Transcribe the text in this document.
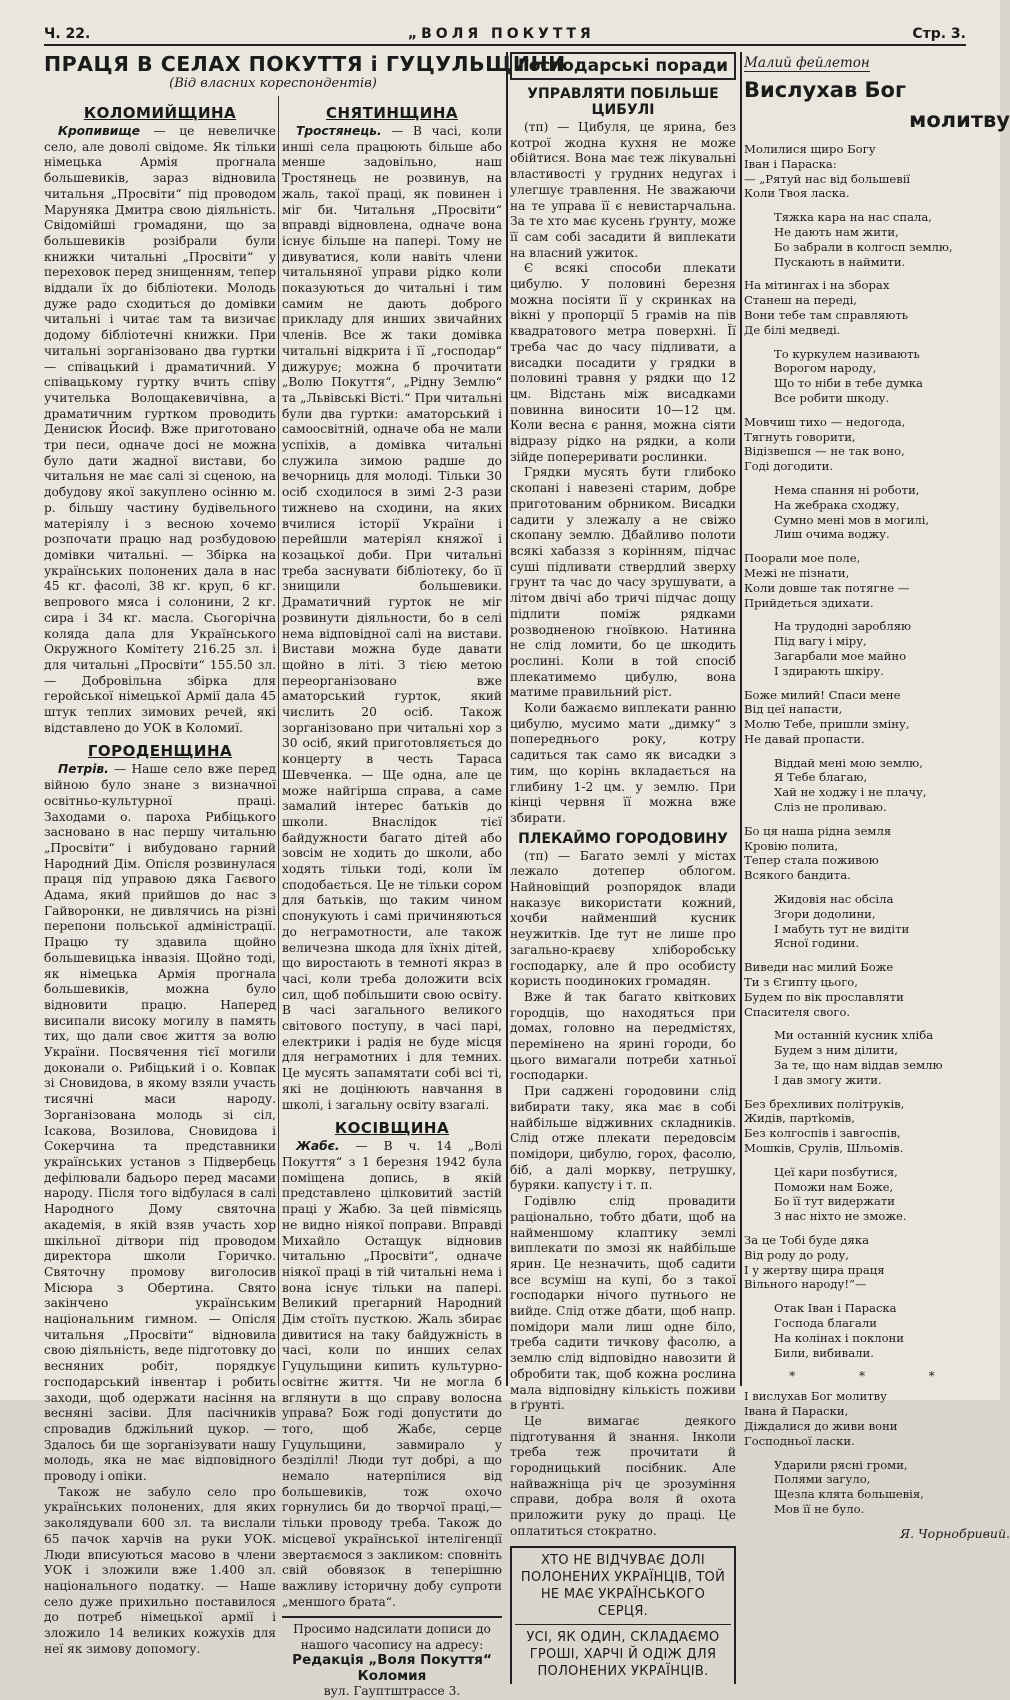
Ч. 22.	„ВОЛЯ ПОКУТТЯ	Стр. 3.
ПРАЦЯ В СЕЛАХ ПОКУТТЯ і ГУЦУЛЬЩИНИ
(Від власних кореспондентів)
КОЛОМИЙЩИНА

Кропивище — це невеличке село, але доволі свідоме. Як тільки німецька Армія прогнала большевиків, зараз відновила читальня „Просвіти“ під проводом Маруняка Дмитра свою діяльність. Свідомійші громадяни, що за большевиків розібрали були книжки читальні „Просвіти“ у переховок перед знищенням, тепер віддали їх до бібліотеки. Молодь дуже радо сходиться до домівки читальні і читає там та визичає додому бібліотечні книжки. При читальні зорганізовано два гуртки— співацький і драматичний. У співацькому гуртку вчить співу учителька Волощакевичівна, а драматичним гуртком проводить Денисюк Йосиф. Вже приготовано три песи, одначе досі не можна було дати жадної вистави, бо читальня не має салі зі сценою, на добудову якої закуплено осінню м. р. більшу частину будівельного матеріялу і з весною хочемо розпочати працю над розбудовою домівки читальні. — Збірка на українських полонених дала в нас 45 кг. фасолі, 38 кг. круп, 6 кг. вепрового мяса і солонини, 2 кг. сира і 34 кг. масла. Сьогорічна коляда дала для Українського Окружного Комітету 216.25 зл. і для читальні „Просвіти“ 155.50 зл. — Добровільна збірка для геройської німецької Армії дала 45 штук теплих зимових речей, які відставлено до УОК в Коломиї.

ГОРОДЕНЩИНА

Петрів. — Наше село вже перед війною було знане з визначної освітньо-культурної праці. Заходами о. пароха Рибіцького засновано в нас першу читальню „Просвіти“ і вибудовано гарний Народний Дім. Опісля розвинулася праця під управою дяка Гаєвого Адама, який прийшов до нас з Гайворонки, не дивлячись на різні перепони польської адміністрації. Працю ту здавила щойно большевицька інвазія. Щойно тоді, як німецька Армія прогнала большевиків, можна було відновити працю. Наперед висипали високу могилу в память тих, що дали своє життя за волю України. Посвячення тієї могили доконали о. Рибіцький і о. Ковпак зі Сновидова, в якому взяли участь тисячні маси народу. Зорганізована молодь зі сіл, Ісакова, Возилова, Сновидова і Сокерчина та представники українських установ з Підвербець дефілювали бадьоро перед масами народу. Після того відбулася в салі Народного Дому святочна академія, в якій взяв участь хор шкільної дітвори під проводом директора школи Горичко. Святочну промову виголосив Місюра з Обертина. Свято закінчено українським національним гимном. — Опісля читальня „Просвіти“ відновила свою діяльність, веде підготовку до весняних робіт, порядкує господарський інвентар і робить заходи, щоб одержати насіння на весняні засіви. Для пасічників спровадив бджільний цукор. — Здалось би ще зорганізувати нашу молодь, яка не має відповідного проводу і опіки.

Також не забуло село про українських полонених, для яких зaколядували 600 зл. та вислали 65 пачок харчів на руки УОК. Люди вписуються масово в члени УОК і зложили вже 1.400 зл. національного податку. — Наше село дуже прихильно поставилося до потреб німецької армії і зложило 14 великих кожухів для неї як зимову допомогу.

СНЯТИНЩИНА

Тростянець. — В часі, коли инші села працюють більше або менше задовільно, наш Тростянець не розвинув, на жаль, такої праці, як повинен і міг би. Читальня „Просвіти“ вправді відновлена, одначе вона існує більше на папері. Тому не дивуватися, коли навіть члени читальняної управи рідко коли показуються до читальні і тим самим не дають доброго прикладу для инших звичайних членів. Все ж таки домівка читальні відкрита і її „господар“ дижурує; можна б прочитати „Волю Покуття“, „Рідну Землю“ та „Львівські Вісті.“ При читальні були два гуртки: аматорський і самоосвітній, одначе оба не мали успіхів, а домівка читальні служила зимою радше до вечорниць для молоді. Тільки 30 осіб сходилося в зимі 2-3 рази тижнево на сходини, на яких вчилися історії України і перейшли матеріял княжої і козацької доби. При читальні треба заснувати бібліотеку, бо її знищили большевики. Драматичний гурток не міг розвинути діяльности, бо в селі нема відповідної салі на вистави. Вистави можна буде давати щойно в літі. З тією метою переорганізовано вже аматорський гурток, який числить 20 осіб. Також зорганізовано при читальні хор з 30 осіб, який приготовляється до концерту в честь Тараса Шевченка. — Ще одна, але це може найгірша справа, а саме замалий інтерес батьків до школи. Внаслідок тієї байдужности багато дітей або зовсім не ходить до школи, або ходять тільки тоді, коли їм сподобається. Це не тільки сором для батьків, що таким чином спонукують і самі причиняються до неграмотности, але також величезна шкода для їхніх дітей, що виростають в темноті якраз в часі, коли треба доложити всіх сил, щоб побільшити свою освіту. В часі загального великого світового поступу, в часі парі, електрики і радія не буде місця для неграмотних і для темних. Це мусять запамятати собі всі ті, які не доцінюють навчання в школі, і загальну освіту взагалі.

КОСІВЩИНА

Жабє. — В ч. 14 „Волі Покуття“ з 1 березня 1942 була поміщена допись, в якій представлено цілковитий застій праці у Жабю. За цей півмісяць не видно ніякої поправи. Вправді Михайло Остащук відновив читальню „Просвіти“, одначе ніякої праці в тій читальні нема і вона існує тільки на папері. Великий прегарний Народний Дім стоїть пусткою. Жаль збирає дивитися на таку байдужність в часі, коли по инших селах Гуцульщини кипить культурно-освітнє життя. Чи не могла б вглянути в що справу волосна управа? Бож годі допустити до того, щоб Жабє, серце Гуцульщини, завмирало у безділлі! Люди тут добрі, а що немало натерпілися від большевиків, тож охочо горнулись би до творчої праці,— тільки проводу треба. Також до місцевої української інтелігенції звертаємося з закликом: сповніть свій обовязок в теперішню важливу історичну добу супроти „меншого брата“.

Просимо надсилати дописи до нашого часопису на адресу:
Редакція „Воля Покуття“
Коломия
вул. Гауптштрассе 3.
Господарські поради
УПРАВЛЯТИ ПОБІЛЬШЕ ЦИБУЛІ

(тп) — Цибуля, це ярина, без котрої жодна кухня не може обійтися. Вона має теж лікувальні властивості у грудних недугах і улегшує травлення. Не зважаючи на те управа її є невистарчальна. За те хто має кусень ґрунту, може її сам собі засадити й виплекати на власний ужиток.

Є всякі способи плекати цибулю. У половині березня можна посіяти її у скринках на вікні у пропорції 5 грамів на пів квадратового метра поверхні. Її треба час до часу підливати, а висадки посадити у грядки в половині травня у рядки що 12 цм. Відстань між висадками повинна виносити 10—12 цм. Коли весна є рання, можна сіяти відразу рідко на рядки, а коли зійде попереривати рослинки.

Грядки мусять бути глибоко скопані і навезені старим, добре приготованим обрником. Висадки садити у злежалу а не свіжо скопану землю. Дбайливо полоти всякі хабаззя з корінням, підчас суші підливати ствердлий зверху грунт та час до часу зрушувати, а літом двічі або тричі підчас дощу підлити поміж рядками розводненою гноївкою. Натинна не слід ломити, бо це шкодить рослині. Коли в той спосіб плекатимемо цибулю, вона матиме правильний ріст.

Коли бажаємо виплекати ранню цибулю, мусимо мати „димку“ з попереднього року, котру садиться так само як висадки з тим, що корінь вкладається на глибину 1-2 цм. у землю. При кінці червня її можна вже збирати.

ПЛЕКАЙМО ГОРОДОВИНУ

(тп) — Багато землі у містах лежало дотепер облогом. Найновіщий розпорядок влади наказує використати кожний, хочби найменший кусник неужитків. Іде тут не лише про загально-краєву хліборобську господарку, але й про особисту користь поодиноких громадян.

Вже й так багато квіткових городців, що находяться при домах, головно на передмістях, перемінено на ярині городи, бо цього вимагали потреби хатньої господарки.

При саджені городовини слід вибирати таку, яка має в собі найбільше відживних складників. Слід отже плекати передовсім помідори, цибулю, горох, фасолю, біб, а далі моркву, петрушку, буряки. капусту і т. п.

Годівлю слід провадити раціонально, тобто дбати, щоб на найменшому клаптику землі виплекати по змозі як найбільше ярин. Це незначить, щоб садити все всуміш на купі, бо з такої господарки нічого путнього не вийде. Слід отже дбати, щоб напр. помідори мали лиш одне біло, треба садити тичкову фасолю, а землю слід відповідно навозити й обробити так, щоб кожна рослина мала відповідну кількість поживи в ґрунті.

Це вимагає деякого підготування й знання. Інколи треба теж прочитати й городницький посібник. Але найважніща річ це зрозуміння справи, добра воля й охота приложити руку до праці. Це оплатиться стократно.

ХТО НЕ ВІДЧУВАЄ ДОЛІ ПОЛОНЕНИХ УКРАЇНЦІВ, ТОЙ НЕ МАЄ УКРАЇНСЬКОГО СЕРЦЯ.
УСІ, ЯК ОДИН, СКЛАДАЄМО ГРОШІ, ХАРЧІ Й ОДІЖ ДЛЯ ПОЛОНЕНИХ УКРАЇНЦІВ.
Малий фейлетон
Вислухав Бог
молитву
Молилися щиро Богу
Іван і Параска:
— „Рятуй нас від большевії
Коли Твоя ласка.
Тяжка кара на нас спала,
Не дають нам жити,
Бо забрали в колгосп землю,
Пускають в наймити.
На мітингах і на зборах
Станеш на переді,
Вони тебе там справляють
Де білі медведі.
То куркулем називають
Ворогом народу,
Що то ніби в тебе думка
Все робити шкоду.
Мовчиш тихо — недогода,
Тягнуть говорити,
Відізвешся — не так воно,
Годі догодити.
Нема спання ні роботи,
На жебрака сходжу,
Сумно мені мов в могилі,
Лиш очима воджу.
Поорали мое поле,
Межі не пізнати,
Коли довше так потягне —
Прийдеться здихати.
На трудодні заробляю
Під вагу і міру,
Загарбали мое майно
І здирають шкіру.
Боже милий! Спаси мене
Від цеї напасти,
Молю Тебе, пришли зміну,
Не давай пропасти.
Віддай мені мою землю,
Я Тебе благаю,
Хай не ходжу і не плачу,
Сліз не проливаю.
Бо ця наша рідна земля
Кровію полита,
Тепер стала поживою
Всякого бандита.
Жидовія нас обсіла
Згори додолини,
І мабуть тут не видіти
Ясної години.
Виведи нас милий Боже
Ти з Єгипту цього,
Будем по вік прославляти
Спасителя свого.
Ми останній кусник хліба
Будем з ним ділити,
За те, що нам віддав землю
І дав змогу жити.
Без брехливих політруків,
Жидів, партkомів,
Без колгоспів і завгоспів,
Мошків, Срулів, Шльомів.
Цеї кари позбутися,
Поможи нам Боже,
Бо її тут видержати
З нас ніхто не зможе.
За це Тобі буде дяка
Від роду до роду,
І у жертву щира праця
Вільного народу!“—
Отак Іван і Параска
Господа благали
На колінах і поклони
Били, вибивали.
* * *
І вислухав Бог молитву
Івана й Параски,
Діждалися до живи вони
Господньої ласки.
Ударили рясні громи,
Полями загуло,
Щезла клята большевія,
Мов її не було.
Я. Чорнобривий.
